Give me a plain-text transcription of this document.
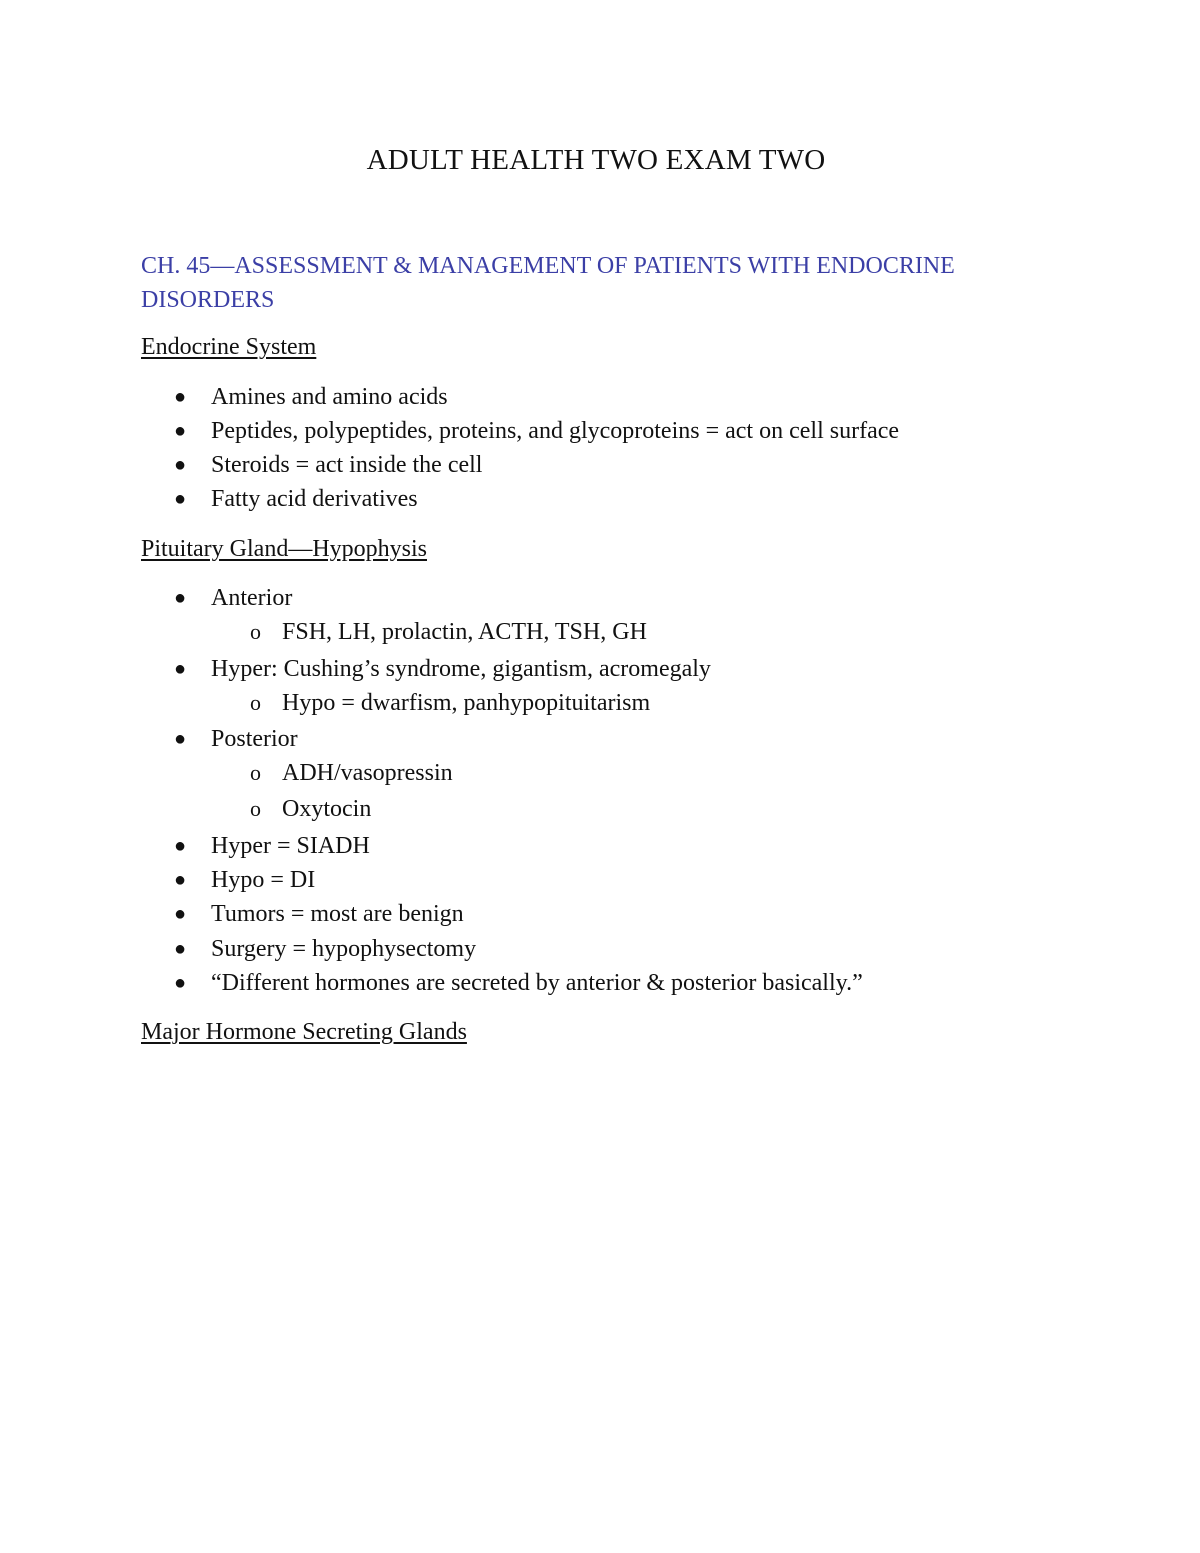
ADULT HEALTH TWO EXAM TWO
CH. 45—ASSESSMENT & MANAGEMENT OF PATIENTS WITH ENDOCRINE DISORDERS
Endocrine System
● Amines and amino acids
● Peptides, polypeptides, proteins, and glycoproteins = act on cell surface
● Steroids = act inside the cell
● Fatty acid derivatives
Pituitary Gland—Hypophysis
● Anterior
o FSH, LH, prolactin, ACTH, TSH, GH
● Hyper: Cushing’s syndrome, gigantism, acromegaly
o Hypo = dwarfism, panhypopituitarism
● Posterior
o ADH/vasopressin
o Oxytocin
● Hyper = SIADH
● Hypo = DI
● Tumors = most are benign
● Surgery = hypophysectomy
● “Different hormones are secreted by anterior & posterior basically.”
Major Hormone Secreting Glands
